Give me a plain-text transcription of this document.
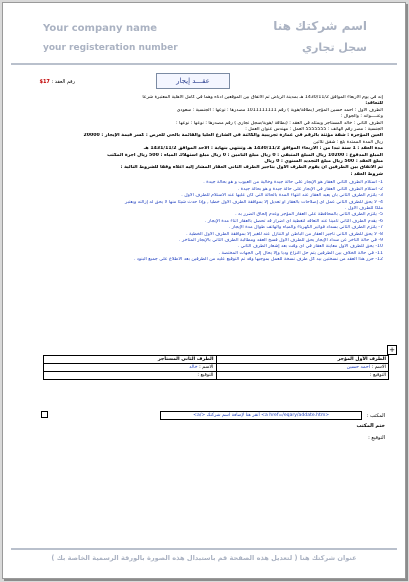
Your company name
your registeration number
اسم شركتك هنا
سجل تجاري
رقم العقد : 17$	عقـــد إيجار

إنه في يوم الأربعاء الموافق 1430/11/2 هـ بمدينة الرياض تم الاتفاق بين الموقعين أدناه وهما في كامل الأهلية المعتبرة شرعاً

للتعاقد:

الطرف الأول : احمد حسين المؤجر (بطاقة/هوية ) رقم 1011111111 مصدرها : نوعها : الجنسية : سعودي

وعنــــوانه : والجوال :

الطرف الثاني : خالد المستأجر ويمثله في العقد : (بطاقة /هوية/سجل تجاري ) رقم مصدرها : نوعها : نوعها :

الجنسية : مصر رقم الهاتف : 5555555 العمل : مهندس عنوان العمل :

العين المؤجرة : شقة مؤثثة بالرقم في عمارة تجريبية والكائنة في الشارع العليا والقائمة بالحي للعرض : كسر قيمة الإيجار : 20000

ريال المدة الممتدة بلغ : شقق تلاثين

مدة العقد : 1 سنة تبدأ من : الأربعاء الموافق 1430/11/2 هـ وتنتهي بنهاية : الأحد الموافق 1431/11/2 هـ

المبلغ المدفوع : 10200 ريال المبلغ المتبقي : 0 ريال مبلغ التأمين : 0 ريال مبلغ استهلاك المياه : 500 ريال أجرة المكتب

مبلغ العقد : 500 ريال مبلغ التجديد السنوي : 0 ريال

تم الاتفاق بين الطرفين أن يقوم الطرف الأول بتأجير الطرف الثاني العقار المشار إليه أعلاه وفقاً للشروط التالية :

شروط العقد :

1- استلام الطرف الثاني العقار هو الإيجار على حالة جيدة وخالية من العيوب و هو بحالة جيدة .

2- استلام الطرف الثاني العقار في الإيجار على حالة جيدة و هو بحالة جيدة .

3- يلتزم الطرف الثاني بأن يعيد العقار عند انتهاء المدة بالحالة التي كان عليها عند الاستلام للطرف الأول .

4- لا يحق للطرف الثاني عمل أي إصلاحات بالعقار أو تعديل إلا بموافقة الطرف الأول خطياً , وإذا حدث شيئاً منها لا يحق له إزالته ويعتبر

ملكاً للطرف الأول .

5- يلتزم الطرف الثاني بالمحافظة على العقار المؤجر وعدم إلحاق الضرر به .

6- يقدم الطرف الثاني تأميناً عند التعاقد لتغطية أي أضرار قد تحصل بالعقار أثناء مدة الإيجار .

7- يلتزم الطرف الثاني بسداد فواتير الكهرباء والمياه والهاتف طوال مدة الإيجار .

8- لا يحق للطرف الثاني تأجير العقار من الباطن أو التنازل عنه للغير إلا بموافقة الطرف الأول الخطية .

9- في حالة التأخر عن سداد الإيجار يحق للطرف الأول فسخ العقد ومطالبة الطرف الثاني بالإيجار المتأخر .

10- يحق للطرف الأول معاينة العقار في أي وقت بعد إشعار الطرف الثاني .

11- في حالة الخلاف بين الطرفين يتم حل النزاع ودياً وإلا يحال إلى الجهات المختصة .

12- حرر هذا العقد من نسختين بيد كل طرف نسخة للعمل بموجبها وقد تم التوقيع عليه من الطرفين بعد الاطلاع على جميع البنود .

+
الطرف الأول المؤجر	الطرف الثاني المستأجر
الاسم : احمد حسين	الاسم : خالد
التوقيع :	التوقيع :
المكتب : <a href=/eqary/addate.htm> أنقر هنا لإضافة اسم شركتك </a>
ختم المكتب
التوقيع :
عنوان شركتك هنا ( لتعديل هذه الصفحة قم باستبدال هذه الصورة بالورقة الرسمية الخاصة بك )
